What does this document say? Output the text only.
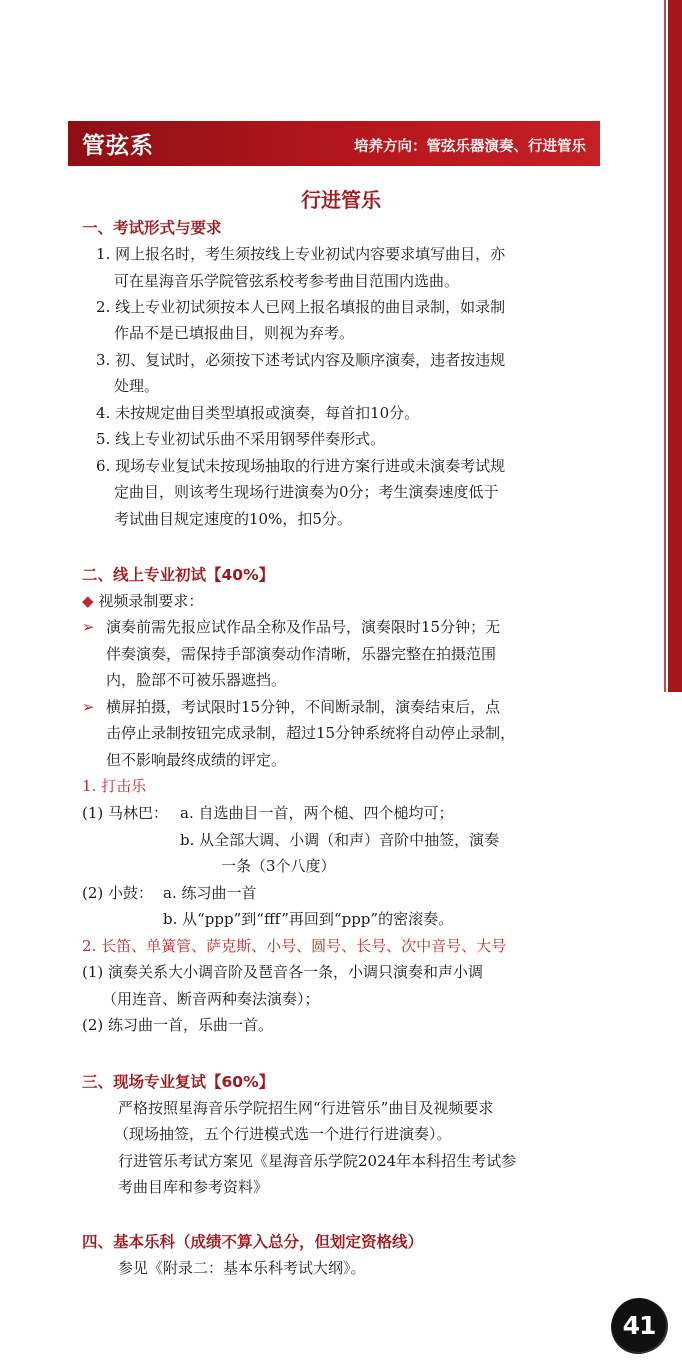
管弦系	培养方向：管弦乐器演奏、行进管乐
行进管乐
一、考试形式与要求
1. 网上报名时，考生须按线上专业初试内容要求填写曲目，亦
可在星海音乐学院管弦系校考参考曲目范围内选曲。
2. 线上专业初试须按本人已网上报名填报的曲目录制，如录制
作品不是已填报曲目，则视为弃考。
3. 初、复试时，必须按下述考试内容及顺序演奏，违者按违规
处理。
4. 未按规定曲目类型填报或演奏，每首扣10分。
5. 线上专业初试乐曲不采用钢琴伴奏形式。
6. 现场专业复试未按现场抽取的行进方案行进或未演奏考试规
定曲目，则该考生现场行进演奏为0分；考生演奏速度低于
考试曲目规定速度的10%，扣5分。
二、线上专业初试【40%】
◆ 视频录制要求：
➢ 演奏前需先报应试作品全称及作品号，演奏限时15分钟；无
伴奏演奏，需保持手部演奏动作清晰，乐器完整在拍摄范围
内，脸部不可被乐器遮挡。
➢ 横屏拍摄，考试限时15分钟，不间断录制，演奏结束后，点
击停止录制按钮完成录制，超过15分钟系统将自动停止录制，
但不影响最终成绩的评定。
1. 打击乐
(1) 马林巴： a. 自选曲目一首，两个槌、四个槌均可；
b. 从全部大调、小调（和声）音阶中抽签，演奏
一条（3个八度）
(2) 小鼓： a. 练习曲一首
b. 从“ppp”到“fff”再回到“ppp”的密滚奏。
2. 长笛、单簧管、萨克斯、小号、圆号、长号、次中音号、大号
(1) 演奏关系大小调音阶及琶音各一条，小调只演奏和声小调
（用连音、断音两种奏法演奏）；
(2) 练习曲一首，乐曲一首。
三、现场专业复试【60%】
严格按照星海音乐学院招生网“行进管乐”曲目及视频要求
（现场抽签，五个行进模式选一个进行行进演奏）。
行进管乐考试方案见《星海音乐学院2024年本科招生考试参
考曲目库和参考资料》
四、基本乐科（成绩不算入总分，但划定资格线）
参见《附录二：基本乐科考试大纲》。
41
